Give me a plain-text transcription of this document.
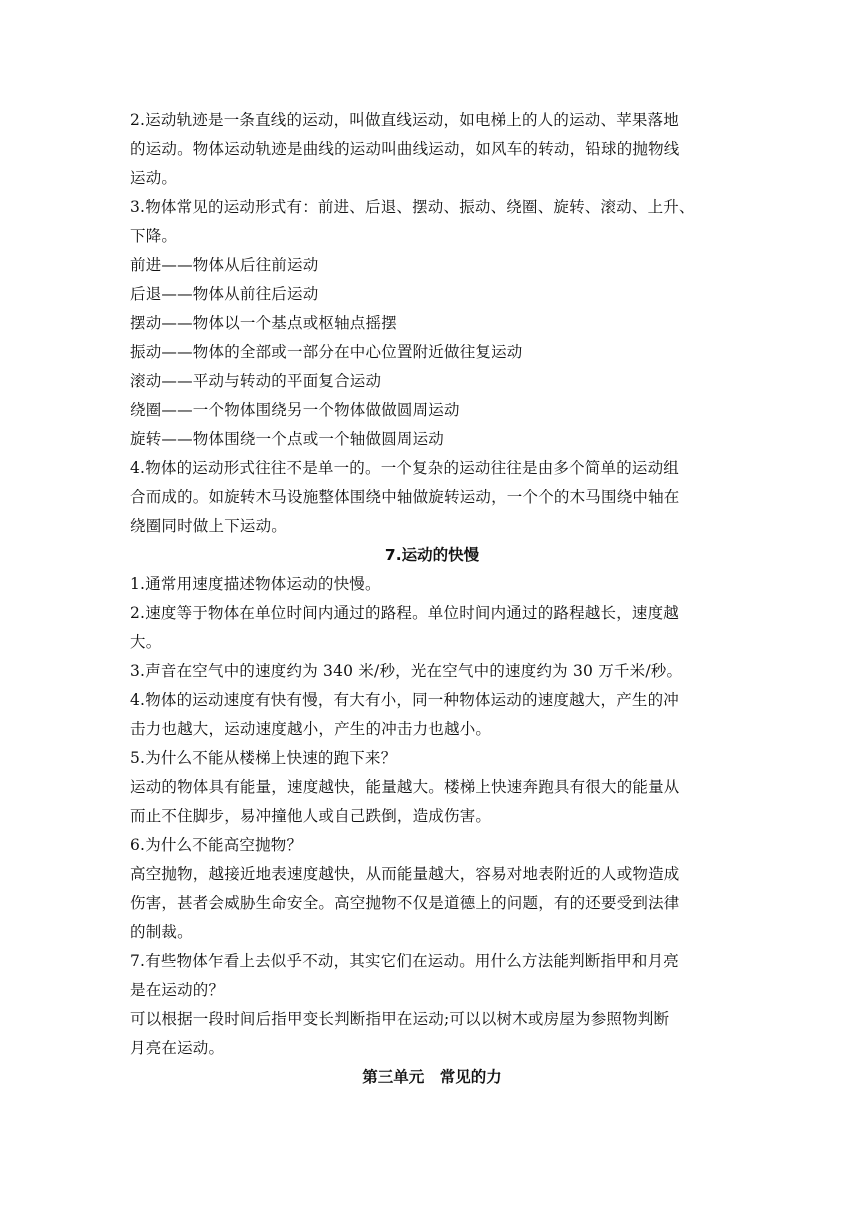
2.运动轨迹是一条直线的运动，叫做直线运动，如电梯上的人的运动、苹果落地
的运动。物体运动轨迹是曲线的运动叫曲线运动，如风车的转动，铅球的抛物线
运动。
3.物体常见的运动形式有：前进、后退、摆动、振动、绕圈、旋转、滚动、上升、
下降。
前进——物体从后往前运动
后退——物体从前往后运动
摆动——物体以一个基点或枢轴点摇摆
振动——物体的全部或一部分在中心位置附近做往复运动
滚动——平动与转动的平面复合运动
绕圈——一个物体围绕另一个物体做做圆周运动
旋转——物体围绕一个点或一个轴做圆周运动
4.物体的运动形式往往不是单一的。一个复杂的运动往往是由多个简单的运动组
合而成的。如旋转木马设施整体围绕中轴做旋转运动，一个个的木马围绕中轴在
绕圈同时做上下运动。
7.运动的快慢
1.通常用速度描述物体运动的快慢。
2.速度等于物体在单位时间内通过的路程。单位时间内通过的路程越长，速度越
大。
3.声音在空气中的速度约为 340 米/秒，光在空气中的速度约为 30 万千米/秒。
4.物体的运动速度有快有慢，有大有小，同一种物体运动的速度越大，产生的冲
击力也越大，运动速度越小，产生的冲击力也越小。
5.为什么不能从楼梯上快速的跑下来？
运动的物体具有能量，速度越快，能量越大。楼梯上快速奔跑具有很大的能量从
而止不住脚步，易冲撞他人或自己跌倒，造成伤害。
6.为什么不能高空抛物？
高空抛物，越接近地表速度越快，从而能量越大，容易对地表附近的人或物造成
伤害，甚者会威胁生命安全。高空抛物不仅是道德上的问题，有的还要受到法律
的制裁。
7.有些物体乍看上去似乎不动，其实它们在运动。用什么方法能判断指甲和月亮
是在运动的？
可以根据一段时间后指甲变长判断指甲在运动;可以以树木或房屋为参照物判断
月亮在运动。
第三单元　常见的力
